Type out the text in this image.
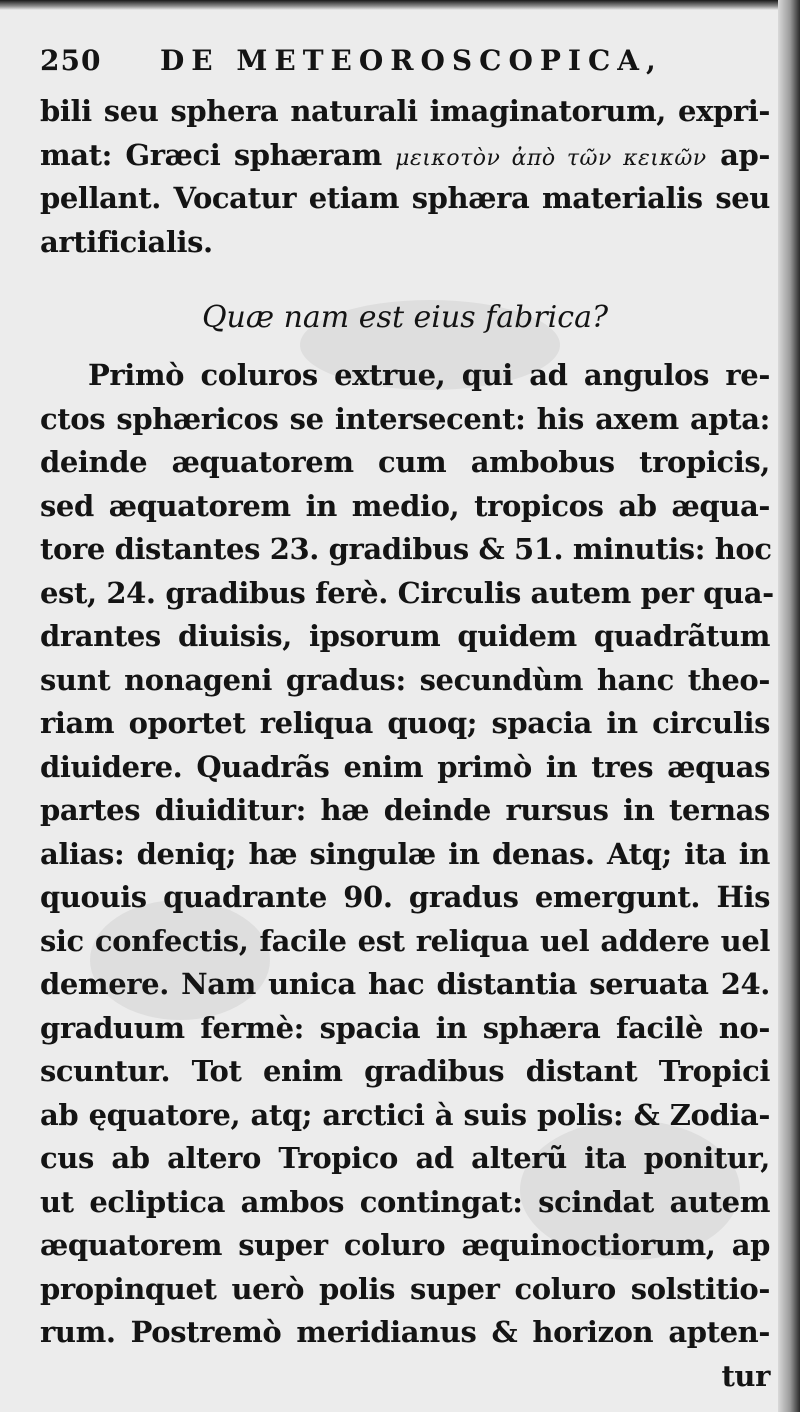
250	DE METEOROSCOPICA,
bili seu sphera naturali imaginatorum, expri-
mat: Græci sphæram μεικοτὸν ἀπὸ τῶν κεικῶν ap-
pellant. Vocatur etiam sphæra materialis seu
artificialis.
Quæ nam est eius fabrica?
Primò coluros extrue, qui ad angulos re-
ctos sphæricos se intersecent: his axem apta:
deinde æquatorem cum ambobus tropicis,
sed æquatorem in medio, tropicos ab æqua-
tore distantes 23. gradibus & 51. minutis: hoc
est, 24. gradibus ferè. Circulis autem per qua-
drantes diuisis, ipsorum quidem quadrãtum
sunt nonageni gradus: secundùm hanc theo-
riam oportet reliqua quoq; spacia in circulis
diuidere. Quadrãs enim primò in tres æquas
partes diuiditur: hæ deinde rursus in ternas
alias: deniq; hæ singulæ in denas. Atq; ita in
quouis quadrante 90. gradus emergunt. His
sic confectis, facile est reliqua uel addere uel
demere. Nam unica hac distantia seruata 24.
graduum fermè: spacia in sphæra facilè no-
scuntur. Tot enim gradibus distant Tropici
ab ęquatore, atq; arctici à suis polis: & Zodia-
cus ab altero Tropico ad alterũ ita ponitur,
ut ecliptica ambos contingat: scindat autem
æquatorem super coluro æquinoctiorum, ap
propinquet uerò polis super coluro solstitio-
rum. Postremò meridianus & horizon apten-
tur
